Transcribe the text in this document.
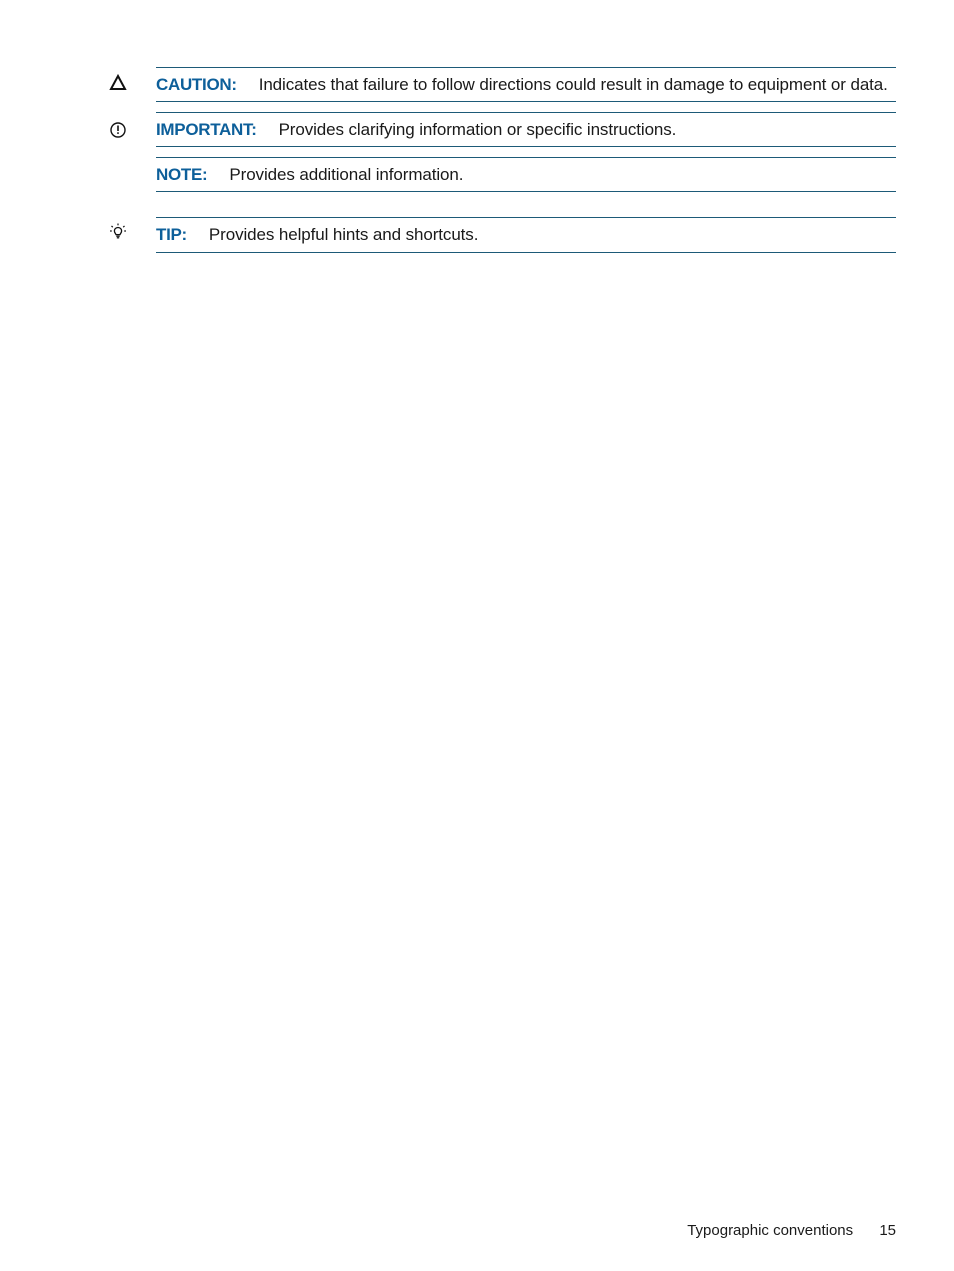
CAUTION: Indicates that failure to follow directions could result in damage to equipment or data.
IMPORTANT: Provides clarifying information or specific instructions.
NOTE: Provides additional information.
TIP: Provides helpful hints and shortcuts.
Typographic conventions 15
